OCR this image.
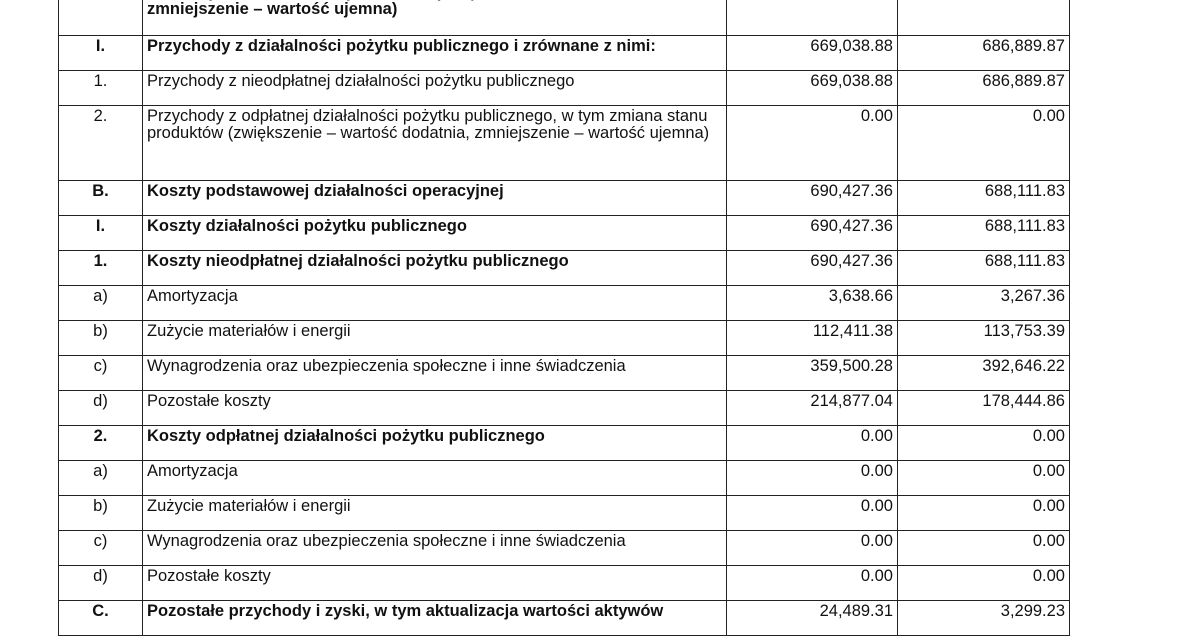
	zmniejszenie – wartość ujemna)		

I.	Przychody z działalności pożytku publicznego i zrównane z nimi:	669,038.88	686,889.87
1.	Przychody z nieodpłatnej działalności pożytku publicznego	669,038.88	686,889.87
2.	Przychody z odpłatnej działalności pożytku publicznego, w tym zmiana stanu produktów (zwiększenie – wartość dodatnia, zmniejszenie – wartość ujemna)	0.00	0.00
B.	Koszty podstawowej działalności operacyjnej	690,427.36	688,111.83
I.	Koszty działalności pożytku publicznego	690,427.36	688,111.83
1.	Koszty nieodpłatnej działalności pożytku publicznego	690,427.36	688,111.83
a)	Amortyzacja	3,638.66	3,267.36
b)	Zużycie materiałów i energii	112,411.38	113,753.39
c)	Wynagrodzenia oraz ubezpieczenia społeczne i inne świadczenia	359,500.28	392,646.22
d)	Pozostałe koszty	214,877.04	178,444.86
2.	Koszty odpłatnej działalności pożytku publicznego	0.00	0.00
a)	Amortyzacja	0.00	0.00
b)	Zużycie materiałów i energii	0.00	0.00
c)	Wynagrodzenia oraz ubezpieczenia społeczne i inne świadczenia	0.00	0.00
d)	Pozostałe koszty	0.00	0.00
C.	Pozostałe przychody i zyski, w tym aktualizacja wartości aktywów	24,489.31	3,299.23
